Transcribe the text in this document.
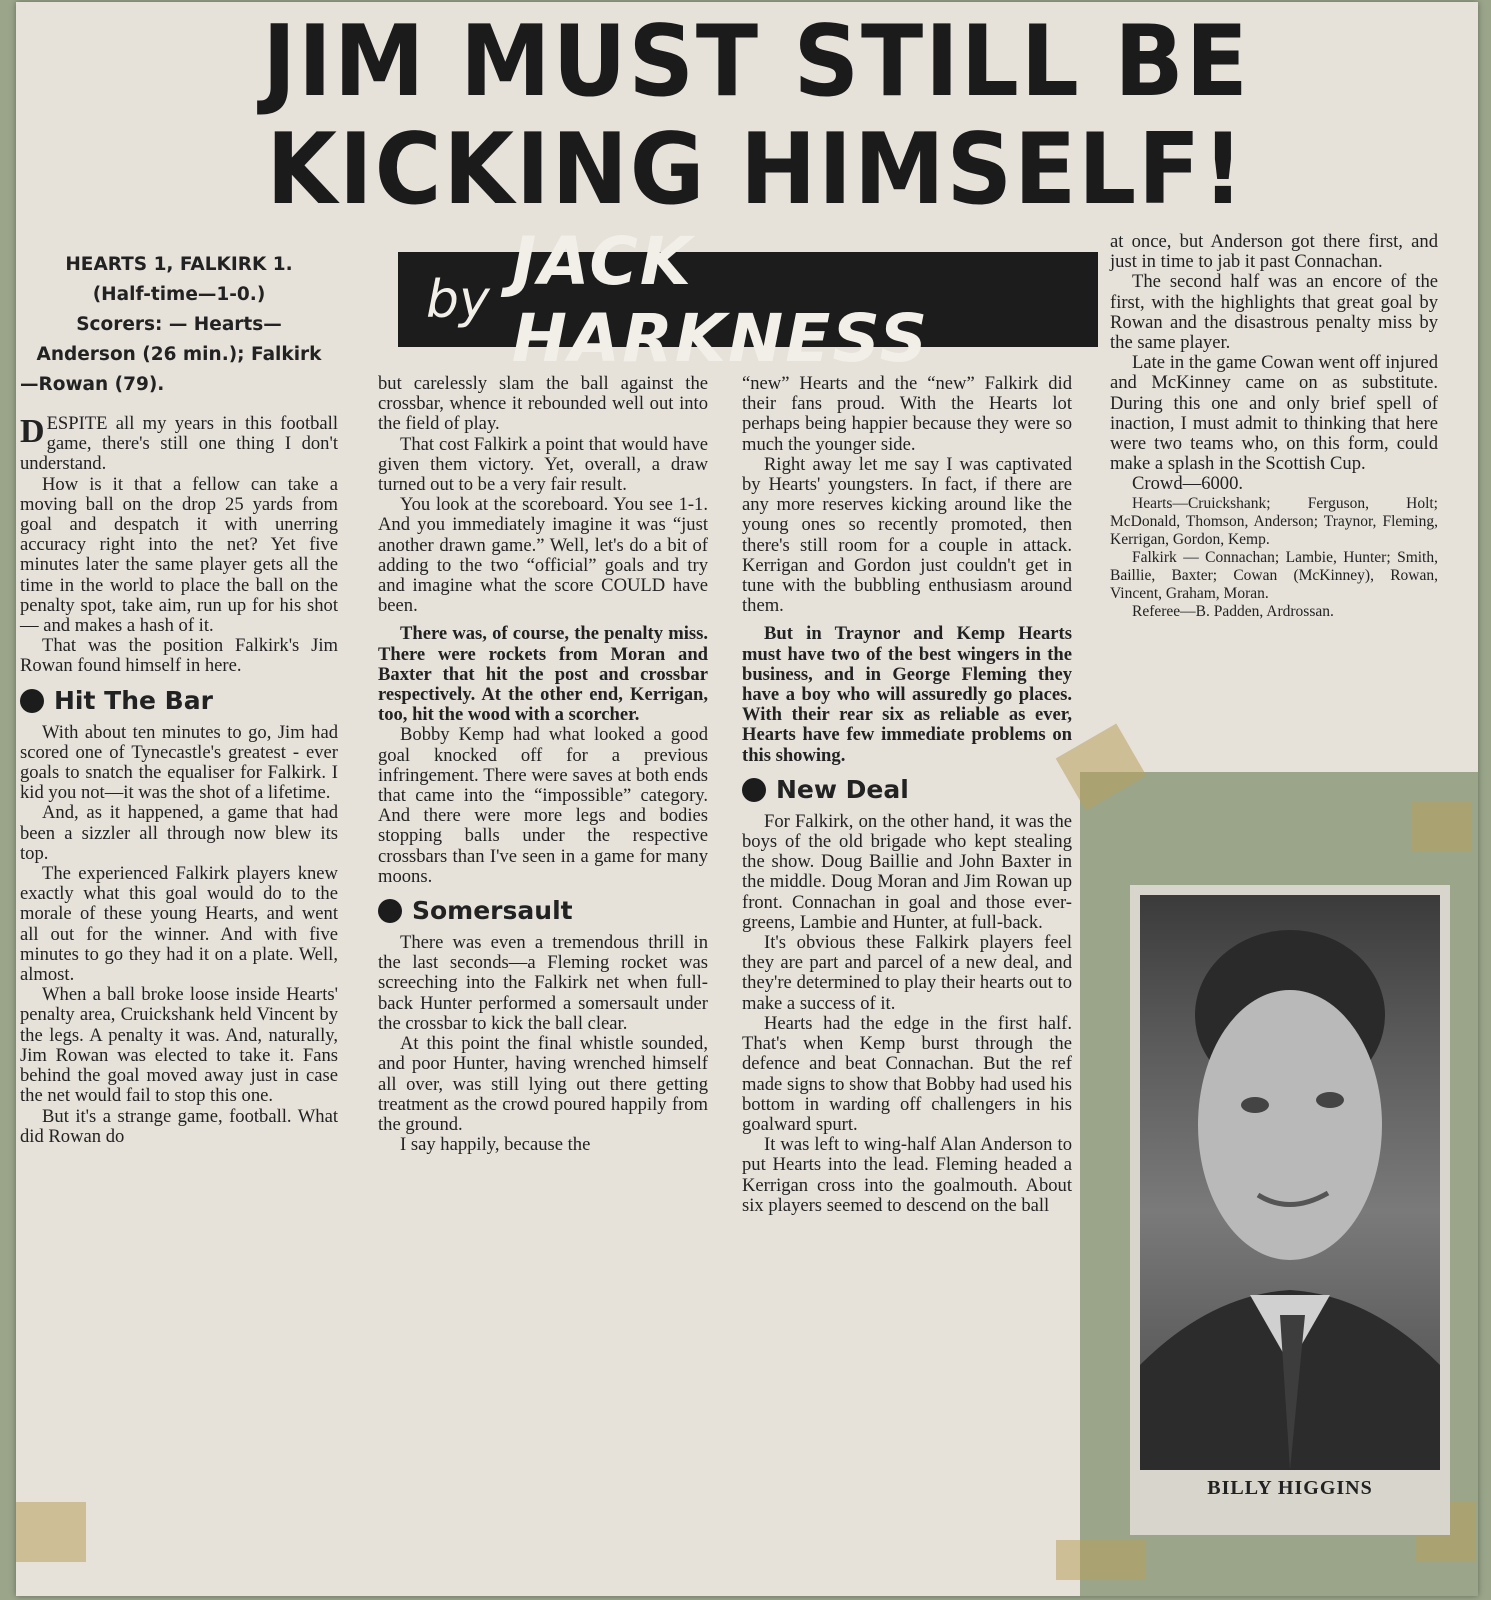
JIM MUST STILL BE
KICKING HIMSELF!
by JACK HARKNESS
HEARTS 1, FALKIRK 1.
(Half-time—1-0.)
Scorers: — Hearts—
Anderson (26 min.); Falkirk
—Rowan (79).

DESPITE all my years in this football game, there's still one thing I don't understand.

How is it that a fellow can take a moving ball on the drop 25 yards from goal and despatch it with unerring accuracy right into the net? Yet five minutes later the same player gets all the time in the world to place the ball on the penalty spot, take aim, run up for his shot — and makes a hash of it.

That was the position Falkirk's Jim Rowan found himself in here.

Hit The Bar

With about ten minutes to go, Jim had scored one of Tynecastle's greatest - ever goals to snatch the equaliser for Falkirk. I kid you not—it was the shot of a lifetime.

And, as it happened, a game that had been a sizzler all through now blew its top.

The experienced Falkirk players knew exactly what this goal would do to the morale of these young Hearts, and went all out for the winner. And with five minutes to go they had it on a plate. Well, almost.

When a ball broke loose inside Hearts' penalty area, Cruickshank held Vincent by the legs. A penalty it was. And, naturally, Jim Rowan was elected to take it. Fans behind the goal moved away just in case the net would fail to stop this one.

But it's a strange game, football. What did Rowan do

but carelessly slam the ball against the crossbar, whence it rebounded well out into the field of play.

That cost Falkirk a point that would have given them victory. Yet, overall, a draw turned out to be a very fair result.

You look at the scoreboard. You see 1-1. And you immediately imagine it was “just another drawn game.” Well, let's do a bit of adding to the two “official” goals and try and imagine what the score COULD have been.

There was, of course, the penalty miss. There were rockets from Moran and Baxter that hit the post and crossbar respectively. At the other end, Kerrigan, too, hit the wood with a scorcher.

Bobby Kemp had what looked a good goal knocked off for a previous infringement. There were saves at both ends that came into the “impossible” category. And there were more legs and bodies stopping balls under the respective crossbars than I've seen in a game for many moons.

Somersault

There was even a tremendous thrill in the last seconds—a Fleming rocket was screeching into the Falkirk net when full-back Hunter performed a somersault under the crossbar to kick the ball clear.

At this point the final whistle sounded, and poor Hunter, having wrenched himself all over, was still lying out there getting treatment as the crowd poured happily from the ground.

I say happily, because the

“new” Hearts and the “new” Falkirk did their fans proud. With the Hearts lot perhaps being happier because they were so much the younger side.

Right away let me say I was captivated by Hearts' youngsters. In fact, if there are any more reserves kicking around like the young ones so recently promoted, then there's still room for a couple in attack. Kerrigan and Gordon just couldn't get in tune with the bubbling enthusiasm around them.

But in Traynor and Kemp Hearts must have two of the best wingers in the business, and in George Fleming they have a boy who will assuredly go places. With their rear six as reliable as ever, Hearts have few immediate problems on this showing.

New Deal

For Falkirk, on the other hand, it was the boys of the old brigade who kept stealing the show. Doug Baillie and John Baxter in the middle. Doug Moran and Jim Rowan up front. Connachan in goal and those ever-greens, Lambie and Hunter, at full-back.

It's obvious these Falkirk players feel they are part and parcel of a new deal, and they're determined to play their hearts out to make a success of it.

Hearts had the edge in the first half. That's when Kemp burst through the defence and beat Connachan. But the ref made signs to show that Bobby had used his bottom in warding off challengers in his goalward spurt.

It was left to wing-half Alan Anderson to put Hearts into the lead. Fleming headed a Kerrigan cross into the goalmouth. About six players seemed to descend on the ball

at once, but Anderson got there first, and just in time to jab it past Connachan.

The second half was an encore of the first, with the highlights that great goal by Rowan and the disastrous penalty miss by the same player.

Late in the game Cowan went off injured and McKinney came on as substitute. During this one and only brief spell of inaction, I must admit to thinking that here were two teams who, on this form, could make a splash in the Scottish Cup.

Crowd—6000.

Hearts—Cruickshank; Ferguson, Holt; McDonald, Thomson, Anderson; Traynor, Fleming, Kerrigan, Gordon, Kemp.

Falkirk — Connachan; Lambie, Hunter; Smith, Baillie, Baxter; Cowan (McKinney), Rowan, Vincent, Graham, Moran.

Referee—B. Padden, Ardrossan.

BILLY HIGGINS
